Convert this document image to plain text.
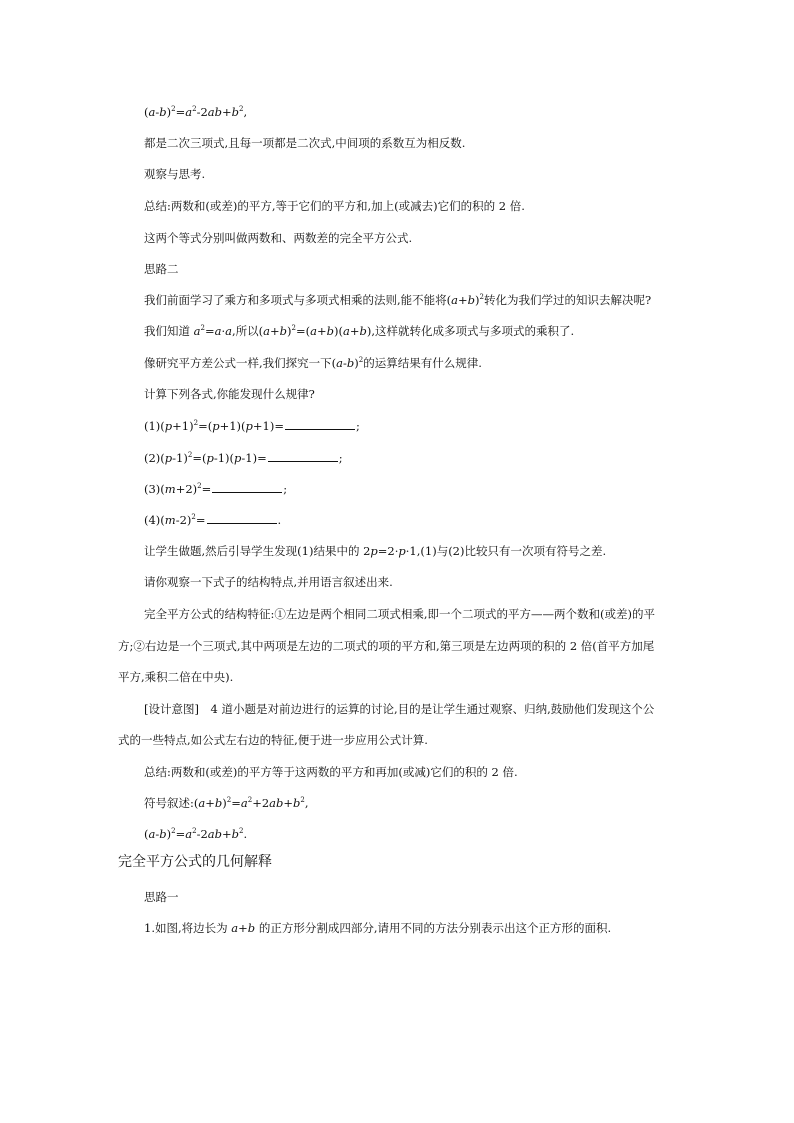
$(a-b)^2=a^2-2ab+b^2$,
都是二次三项式,且每一项都是二次式,中间项的系数互为相反数.
观察与思考.
总结:两数和(或差)的平方,等于它们的平方和,加上(或减去)它们的积的 2 倍.
这两个等式分别叫做两数和、两数差的完全平方公式.
思路二
我们前面学习了乘方和多项式与多项式相乘的法则,能不能将$(a+b)^2$转化为我们学过的知识去解决呢?
我们知道 $a^2=a\cdot a$,所以$(a+b)^2=(a+b)(a+b)$,这样就转化成多项式与多项式的乘积了.
像研究平方差公式一样,我们探究一下$(a-b)^2$的运算结果有什么规律.
计算下列各式,你能发现什么规律?
$(1)(p+1)^2=(p+1)(p+1)=$	;
$(2)(p-1)^2=(p-1)(p-1)=$	;
$(3)(m+2)^2=$	;
$(4)(m-2)^2=$	.
让学生做题,然后引导学生发现(1)结果中的 2p=2·p·1,(1)与(2)比较只有一次项有符号之差.
请你观察一下式子的结构特点,并用语言叙述出来.
完全平方公式的结构特征:①左边是两个相同二项式相乘,即一个二项式的平方——两个数和(或差)的平
方;②右边是一个三项式,其中两项是左边的二项式的项的平方和,第三项是左边两项的积的 2 倍(首平方加尾
平方,乘积二倍在中央).
[设计意图]　4 道小题是对前边进行的运算的讨论,目的是让学生通过观察、归纳,鼓励他们发现这个公
式的一些特点,如公式左右边的特征,便于进一步应用公式计算.
总结:两数和(或差)的平方等于这两数的平方和再加(或减)它们的积的 2 倍.
符号叙述$:(a+b)^2=a^2+2ab+b^2$,
$(a-b)^2=a^2-2ab+b^2$.
完全平方公式的几何解释
思路一
1.如图,将边长为 a+b 的正方形分割成四部分,请用不同的方法分别表示出这个正方形的面积.
